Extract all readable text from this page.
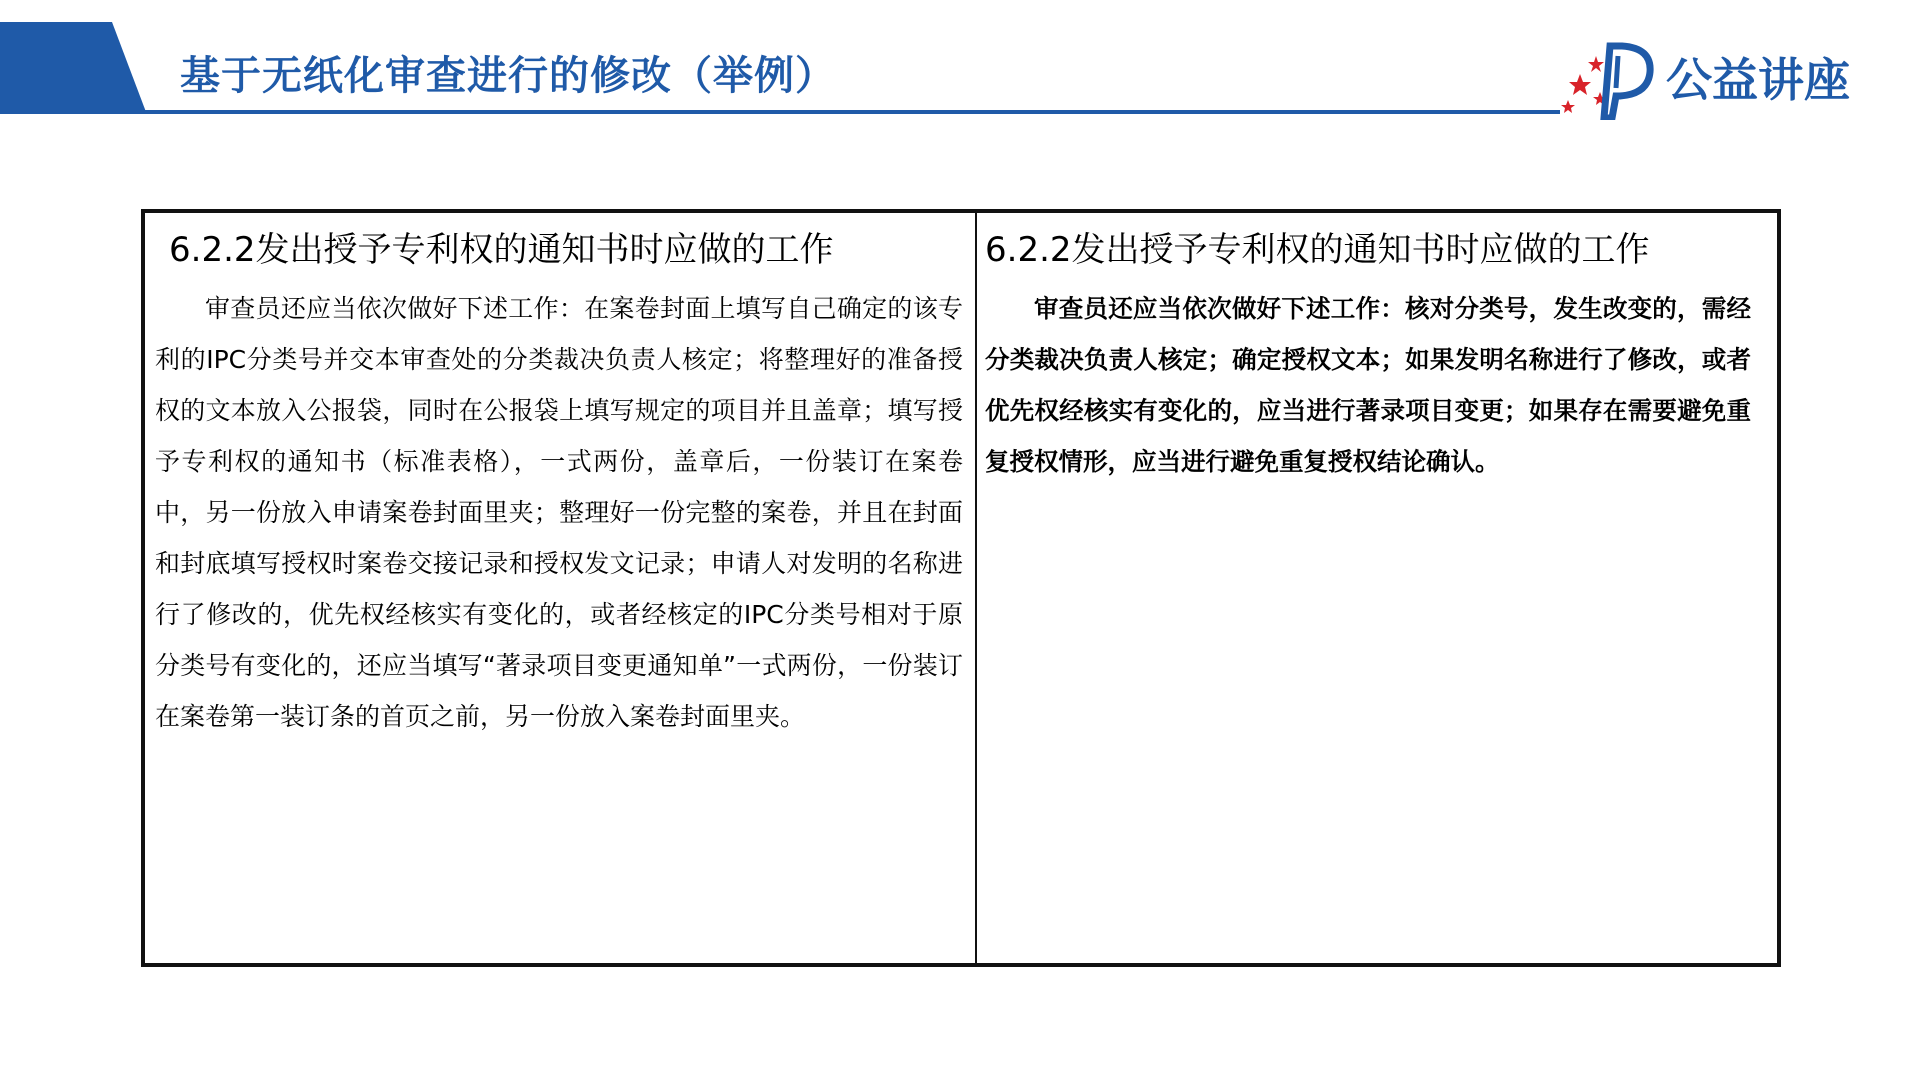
基于无纸化审查进行的修改（举例）	公益讲座
6.2.2发出授予专利权的通知书时应做的工作

审查员还应当依次做好下述工作：在案卷封面上填写自己确定的该专利的IPC分类号并交本审查处的分类裁决负责人核定；将整理好的准备授权的文本放入公报袋，同时在公报袋上填写规定的项目并且盖章；填写授予专利权的通知书（标准表格），一式两份，盖章后，一份装订在案卷中，另一份放入申请案卷封面里夹；整理好一份完整的案卷，并且在封面和封底填写授权时案卷交接记录和授权发文记录；申请人对发明的名称进行了修改的，优先权经核实有变化的，或者经核定的IPC分类号相对于原分类号有变化的，还应当填写“著录项目变更通知单”一式两份，一份装订在案卷第一装订条的首页之前，另一份放入案卷封面里夹。

6.2.2发出授予专利权的通知书时应做的工作

审查员还应当依次做好下述工作：核对分类号，发生改变的，需经分类裁决负责人核定；确定授权文本；如果发明名称进行了修改，或者优先权经核实有变化的，应当进行著录项目变更；如果存在需要避免重复授权情形，应当进行避免重复授权结论确认。
